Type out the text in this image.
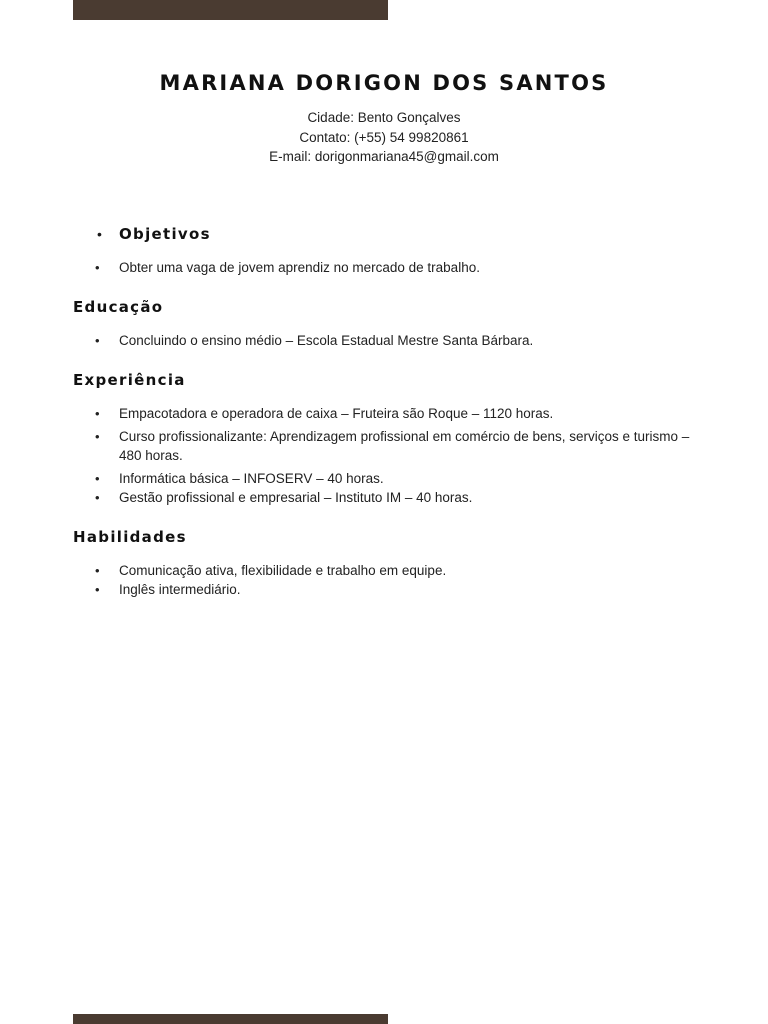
MARIANA DORIGON DOS SANTOS
Cidade: Bento Gonçalves
Contato: (+55) 54 99820861
E-mail: dorigonmariana45@gmail.com
• Objetivos
• Obter uma vaga de jovem aprendiz no mercado de trabalho.
Educação
• Concluindo o ensino médio – Escola Estadual Mestre Santa Bárbara.
Experiência
• Empacotadora e operadora de caixa – Fruteira são Roque – 1120 horas.
• Curso profissionalizante: Aprendizagem profissional em comércio de bens, serviços e turismo – 480 horas.
• Informática básica – INFOSERV – 40 horas.
• Gestão profissional e empresarial – Instituto IM – 40 horas.
Habilidades
• Comunicação ativa, flexibilidade e trabalho em equipe.
• Inglês intermediário.
